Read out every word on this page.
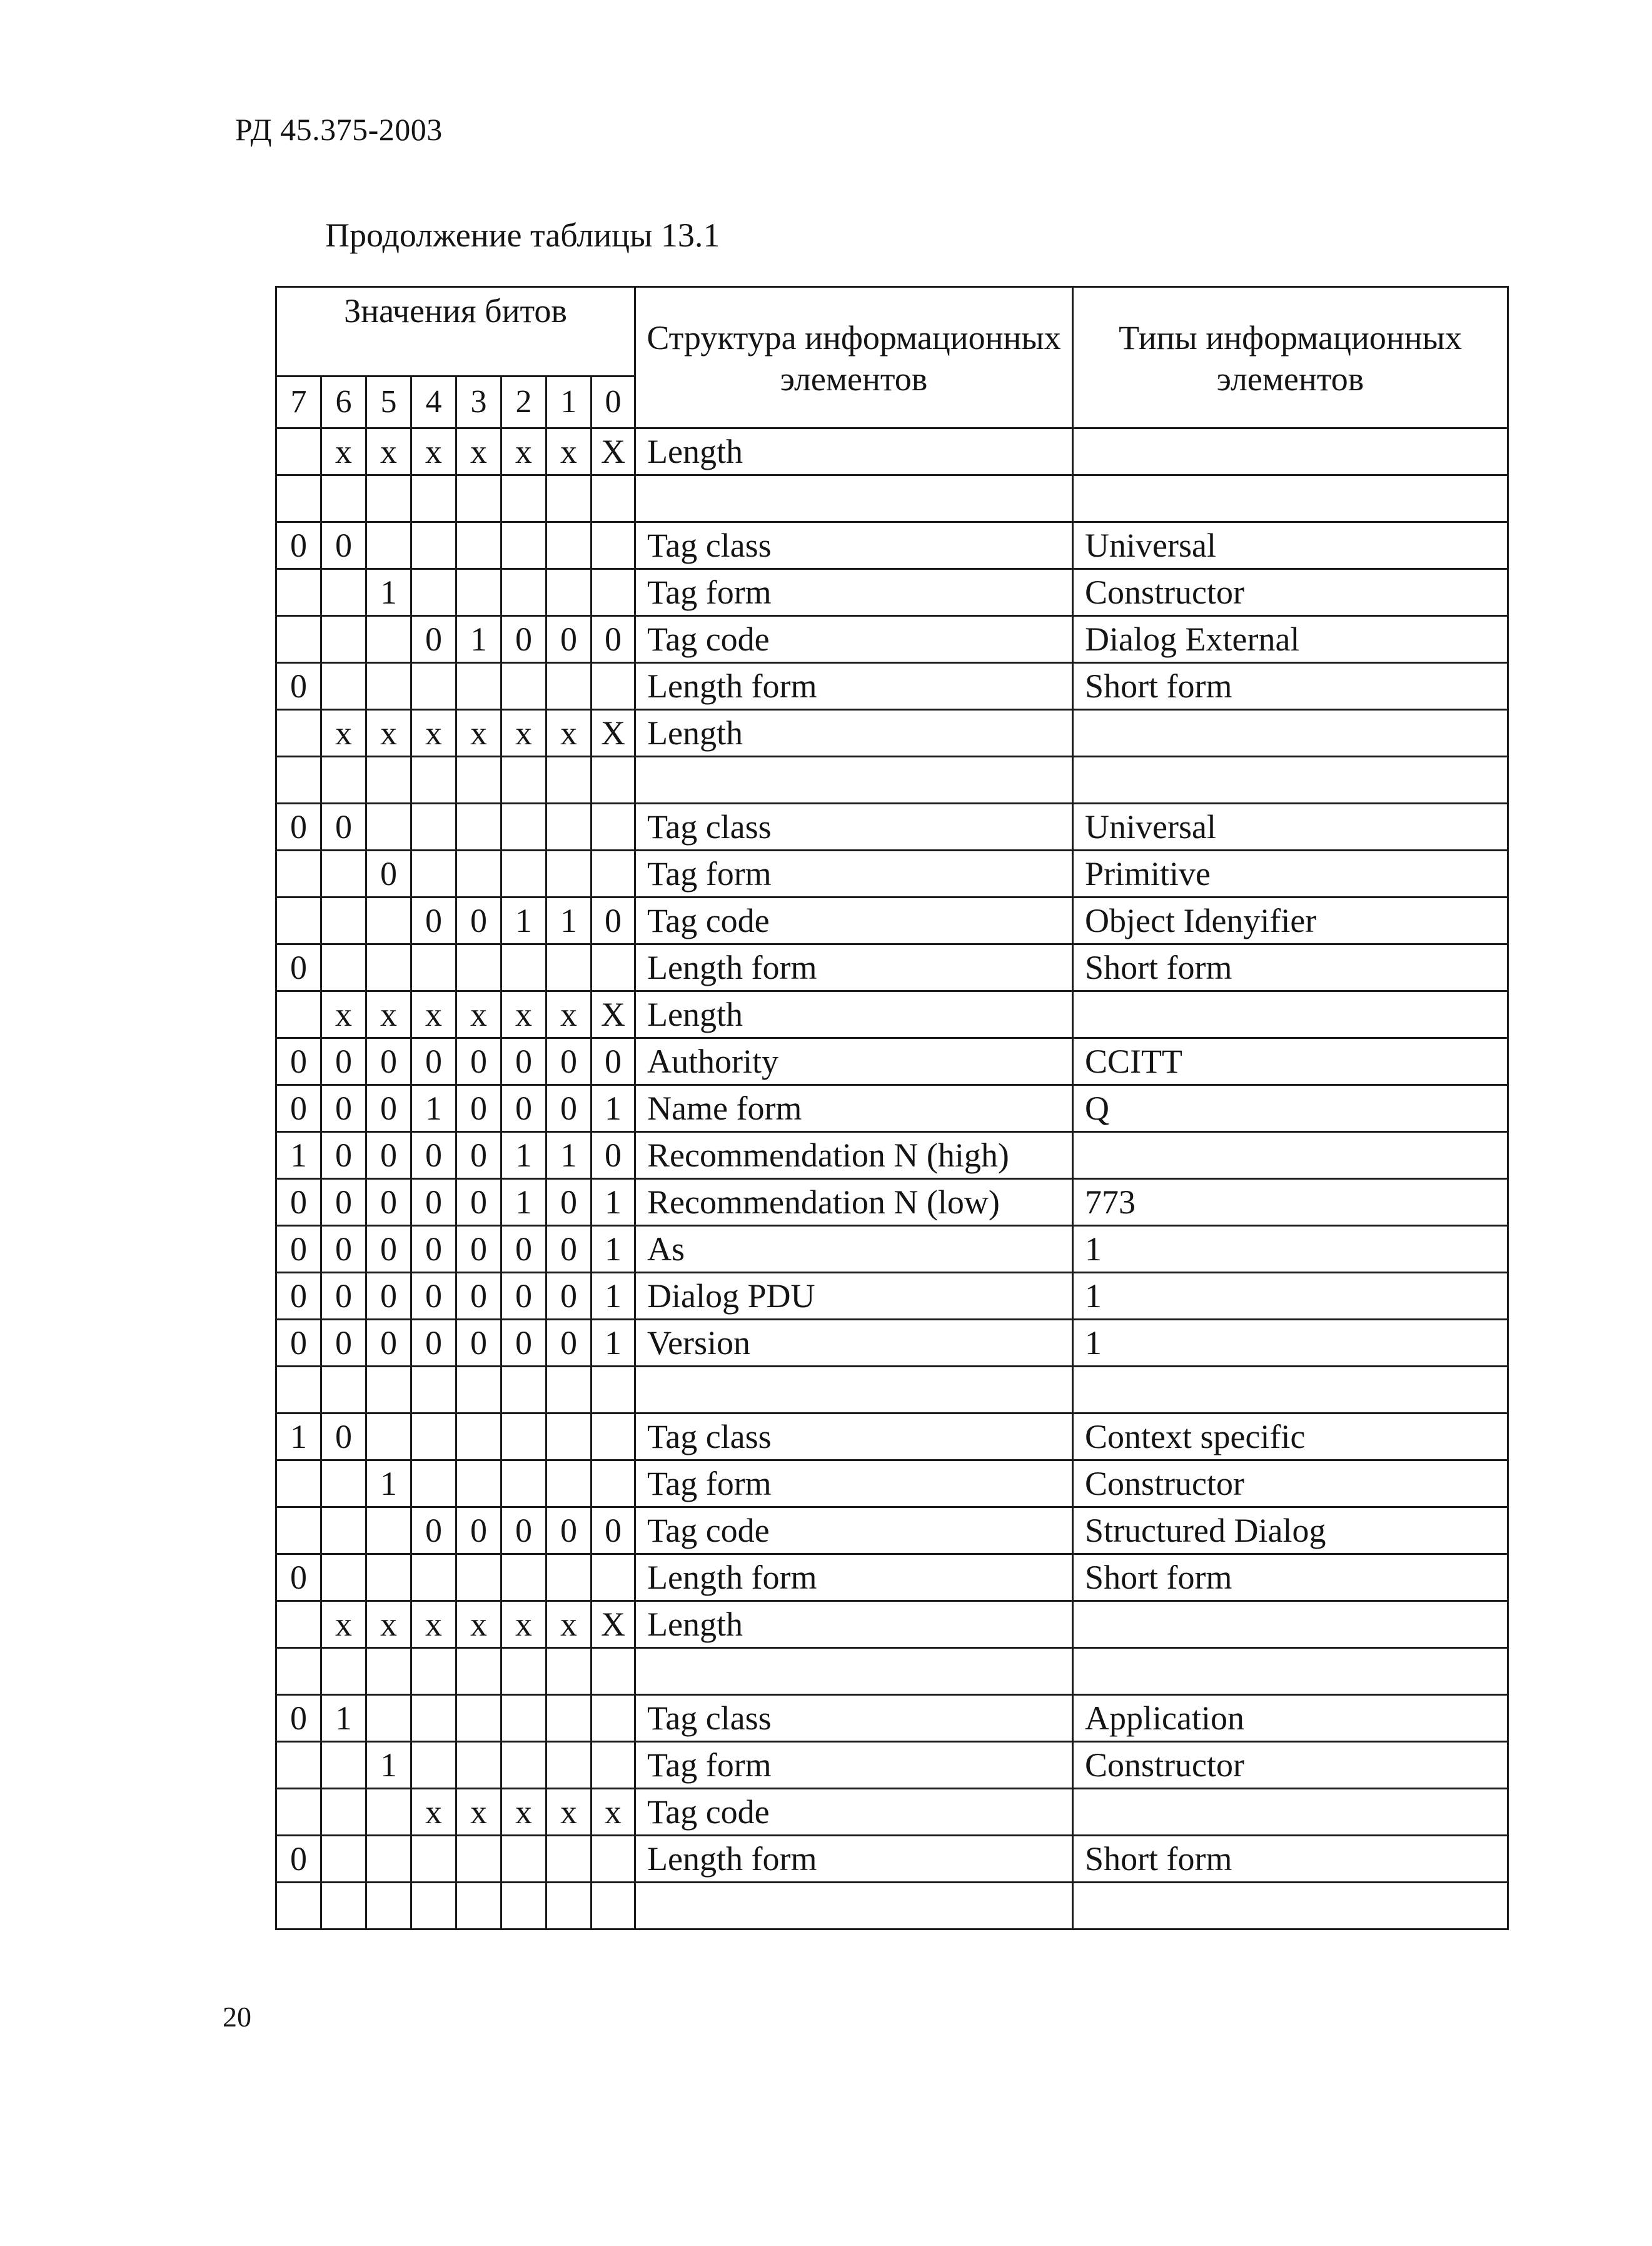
РД 45.375-2003
Продолжение таблицы 13.1
Значения битов								Структура информационных элементов	Типы информационных элементов
7	6	5	4	3	2	1	0		
	x	x	x	x	x	x	X	Length	

0	0							Tag class	Universal
		1						Tag form	Constructor
			0	1	0	0	0	Tag code	Dialog External
0								Length form	Short form
	x	x	x	x	x	x	X	Length	

0	0							Tag class	Universal
		0						Tag form	Primitive
			0	0	1	1	0	Tag code	Object Idenyifier
0								Length form	Short form
	x	x	x	x	x	x	X	Length	
0	0	0	0	0	0	0	0	Authority	CCITT
0	0	0	1	0	0	0	1	Name form	Q
1	0	0	0	0	1	1	0	Recommendation N (high)	
0	0	0	0	0	1	0	1	Recommendation N (low)	773
0	0	0	0	0	0	0	1	As	1
0	0	0	0	0	0	0	1	Dialog PDU	1
0	0	0	0	0	0	0	1	Version	1

1	0							Tag class	Context specific
		1						Tag form	Constructor
			0	0	0	0	0	Tag code	Structured Dialog
0								Length form	Short form
	x	x	x	x	x	x	X	Length	

0	1							Tag class	Application
		1						Tag form	Constructor
			x	x	x	x	x	Tag code	
0								Length form	Short form

20
